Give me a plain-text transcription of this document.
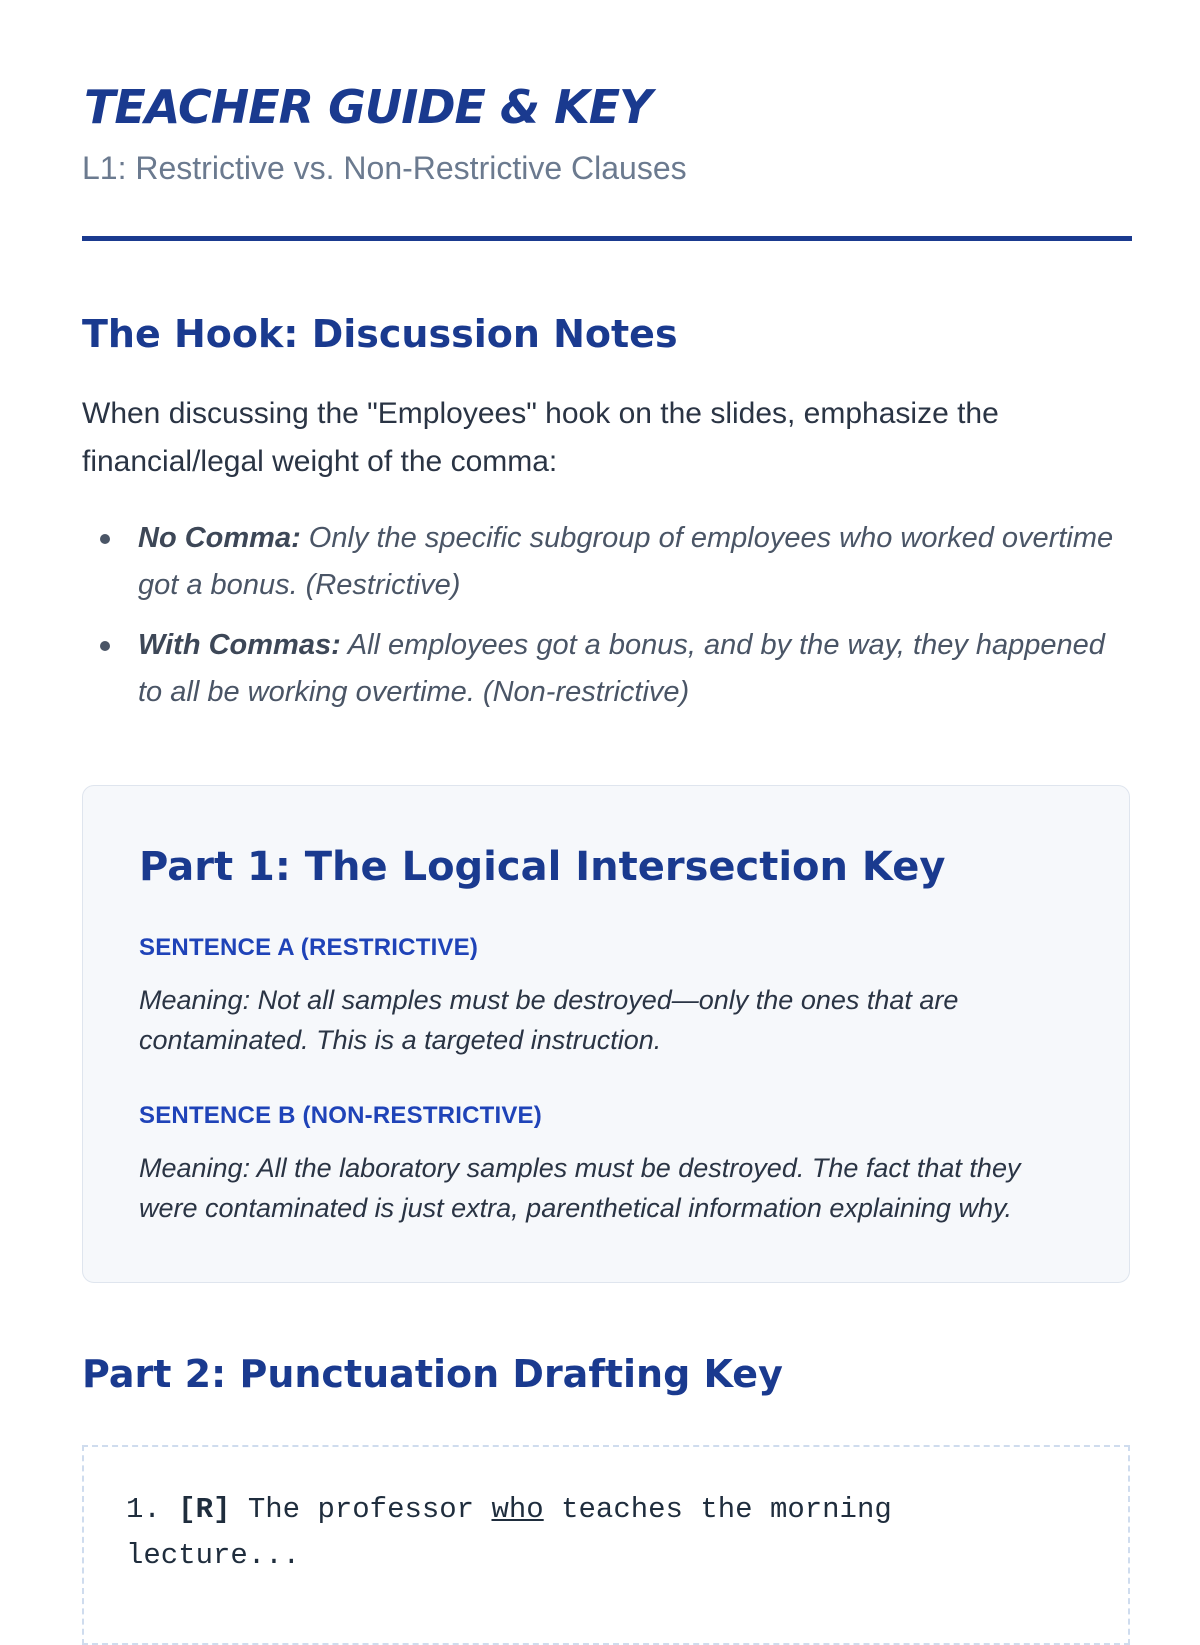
TEACHER GUIDE & KEY
L1: Restrictive vs. Non-Restrictive Clauses
The Hook: Discussion Notes

When discussing the "Employees" hook on the slides, emphasize the financial/legal weight of the comma:

No Comma: Only the specific subgroup of employees who worked overtime got a bonus. (Restrictive)
With Commas: All employees got a bonus, and by the way, they happened to all be working overtime. (Non-restrictive)
Part 1: The Logical Intersection Key
SENTENCE A (RESTRICTIVE)
Meaning: Not all samples must be destroyed—only the ones that are contaminated. This is a targeted instruction.
SENTENCE B (NON-RESTRICTIVE)
Meaning: All the laboratory samples must be destroyed. The fact that they were contaminated is just extra, parenthetical information explaining why.
Part 2: Punctuation Drafting Key
1. [R] The professor who teaches the morning lecture...
